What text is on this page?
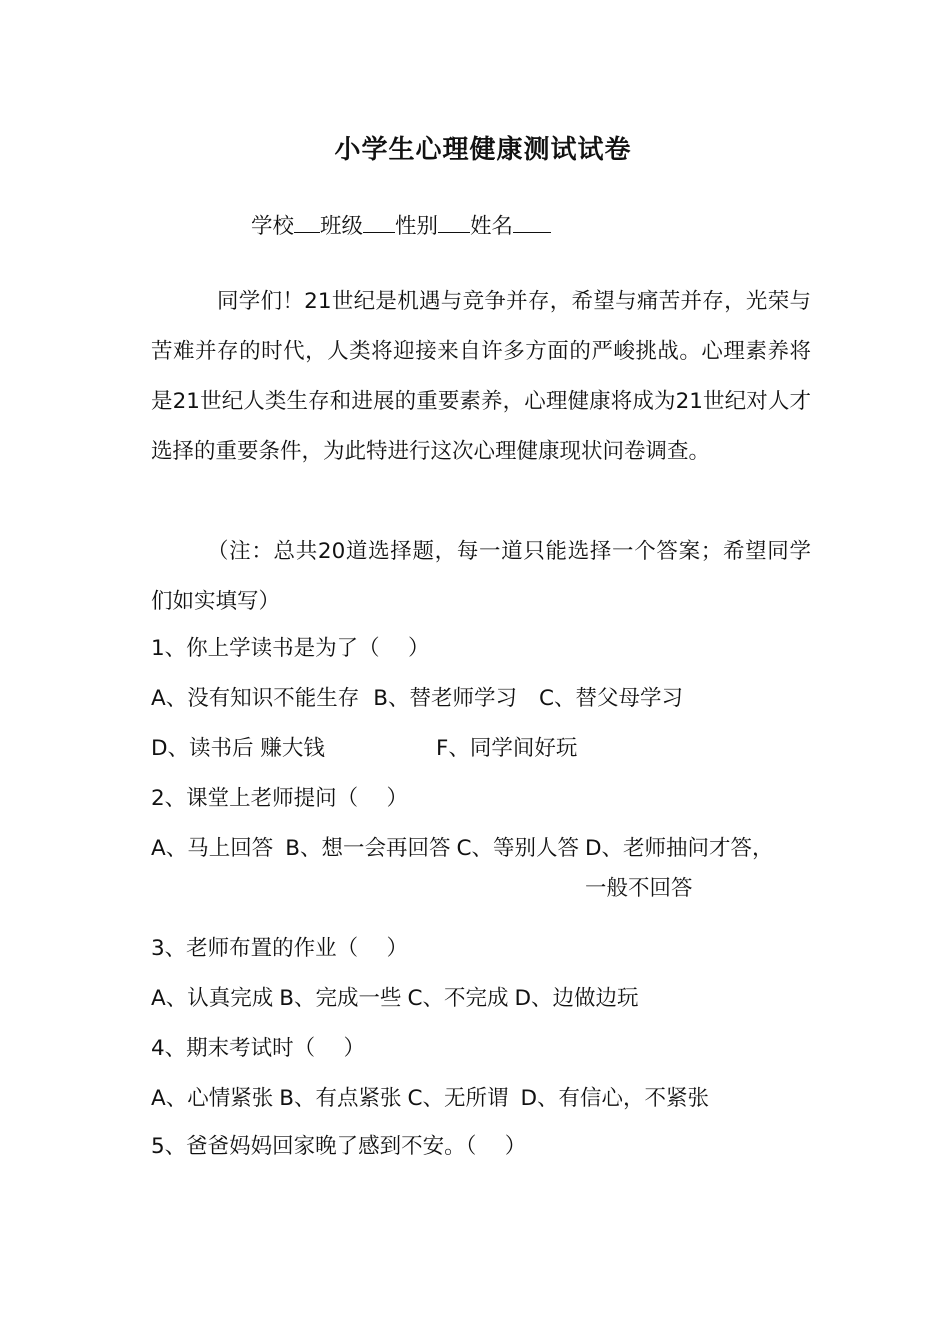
小学生心理健康测试试卷
学校 班级 性别 姓名
同学们！21世纪是机遇与竞争并存，希望与痛苦并存，光荣与苦难并存的时代，人类将迎接来自许多方面的严峻挑战。心理素养将是21世纪人类生存和进展的重要素养，心理健康将成为21世纪对人才选择的重要条件，为此特进行这次心理健康现状问卷调查。
（注：总共20道选择题，每一道只能选择一个答案；希望同学们如实填写）
1、你上学读书是为了（　 ）
A、没有知识不能生存 B、替老师学习 C、替父母学习
D、读书后 赚大钱	F、同学间好玩
2、课堂上老师提问（　 ）
A、马上回答 B、想一会再回答 C、等别人答 D、老师抽问才答，一般不回答
3、老师布置的作业（　 ）
A、认真完成 B、完成一些 C、不完成 D、边做边玩
4、期末考试时（　 ）
A、心情紧张 B、有点紧张 C、无所谓 D、有信心，不紧张
5、爸爸妈妈回家晚了感到不安。（　 ）
